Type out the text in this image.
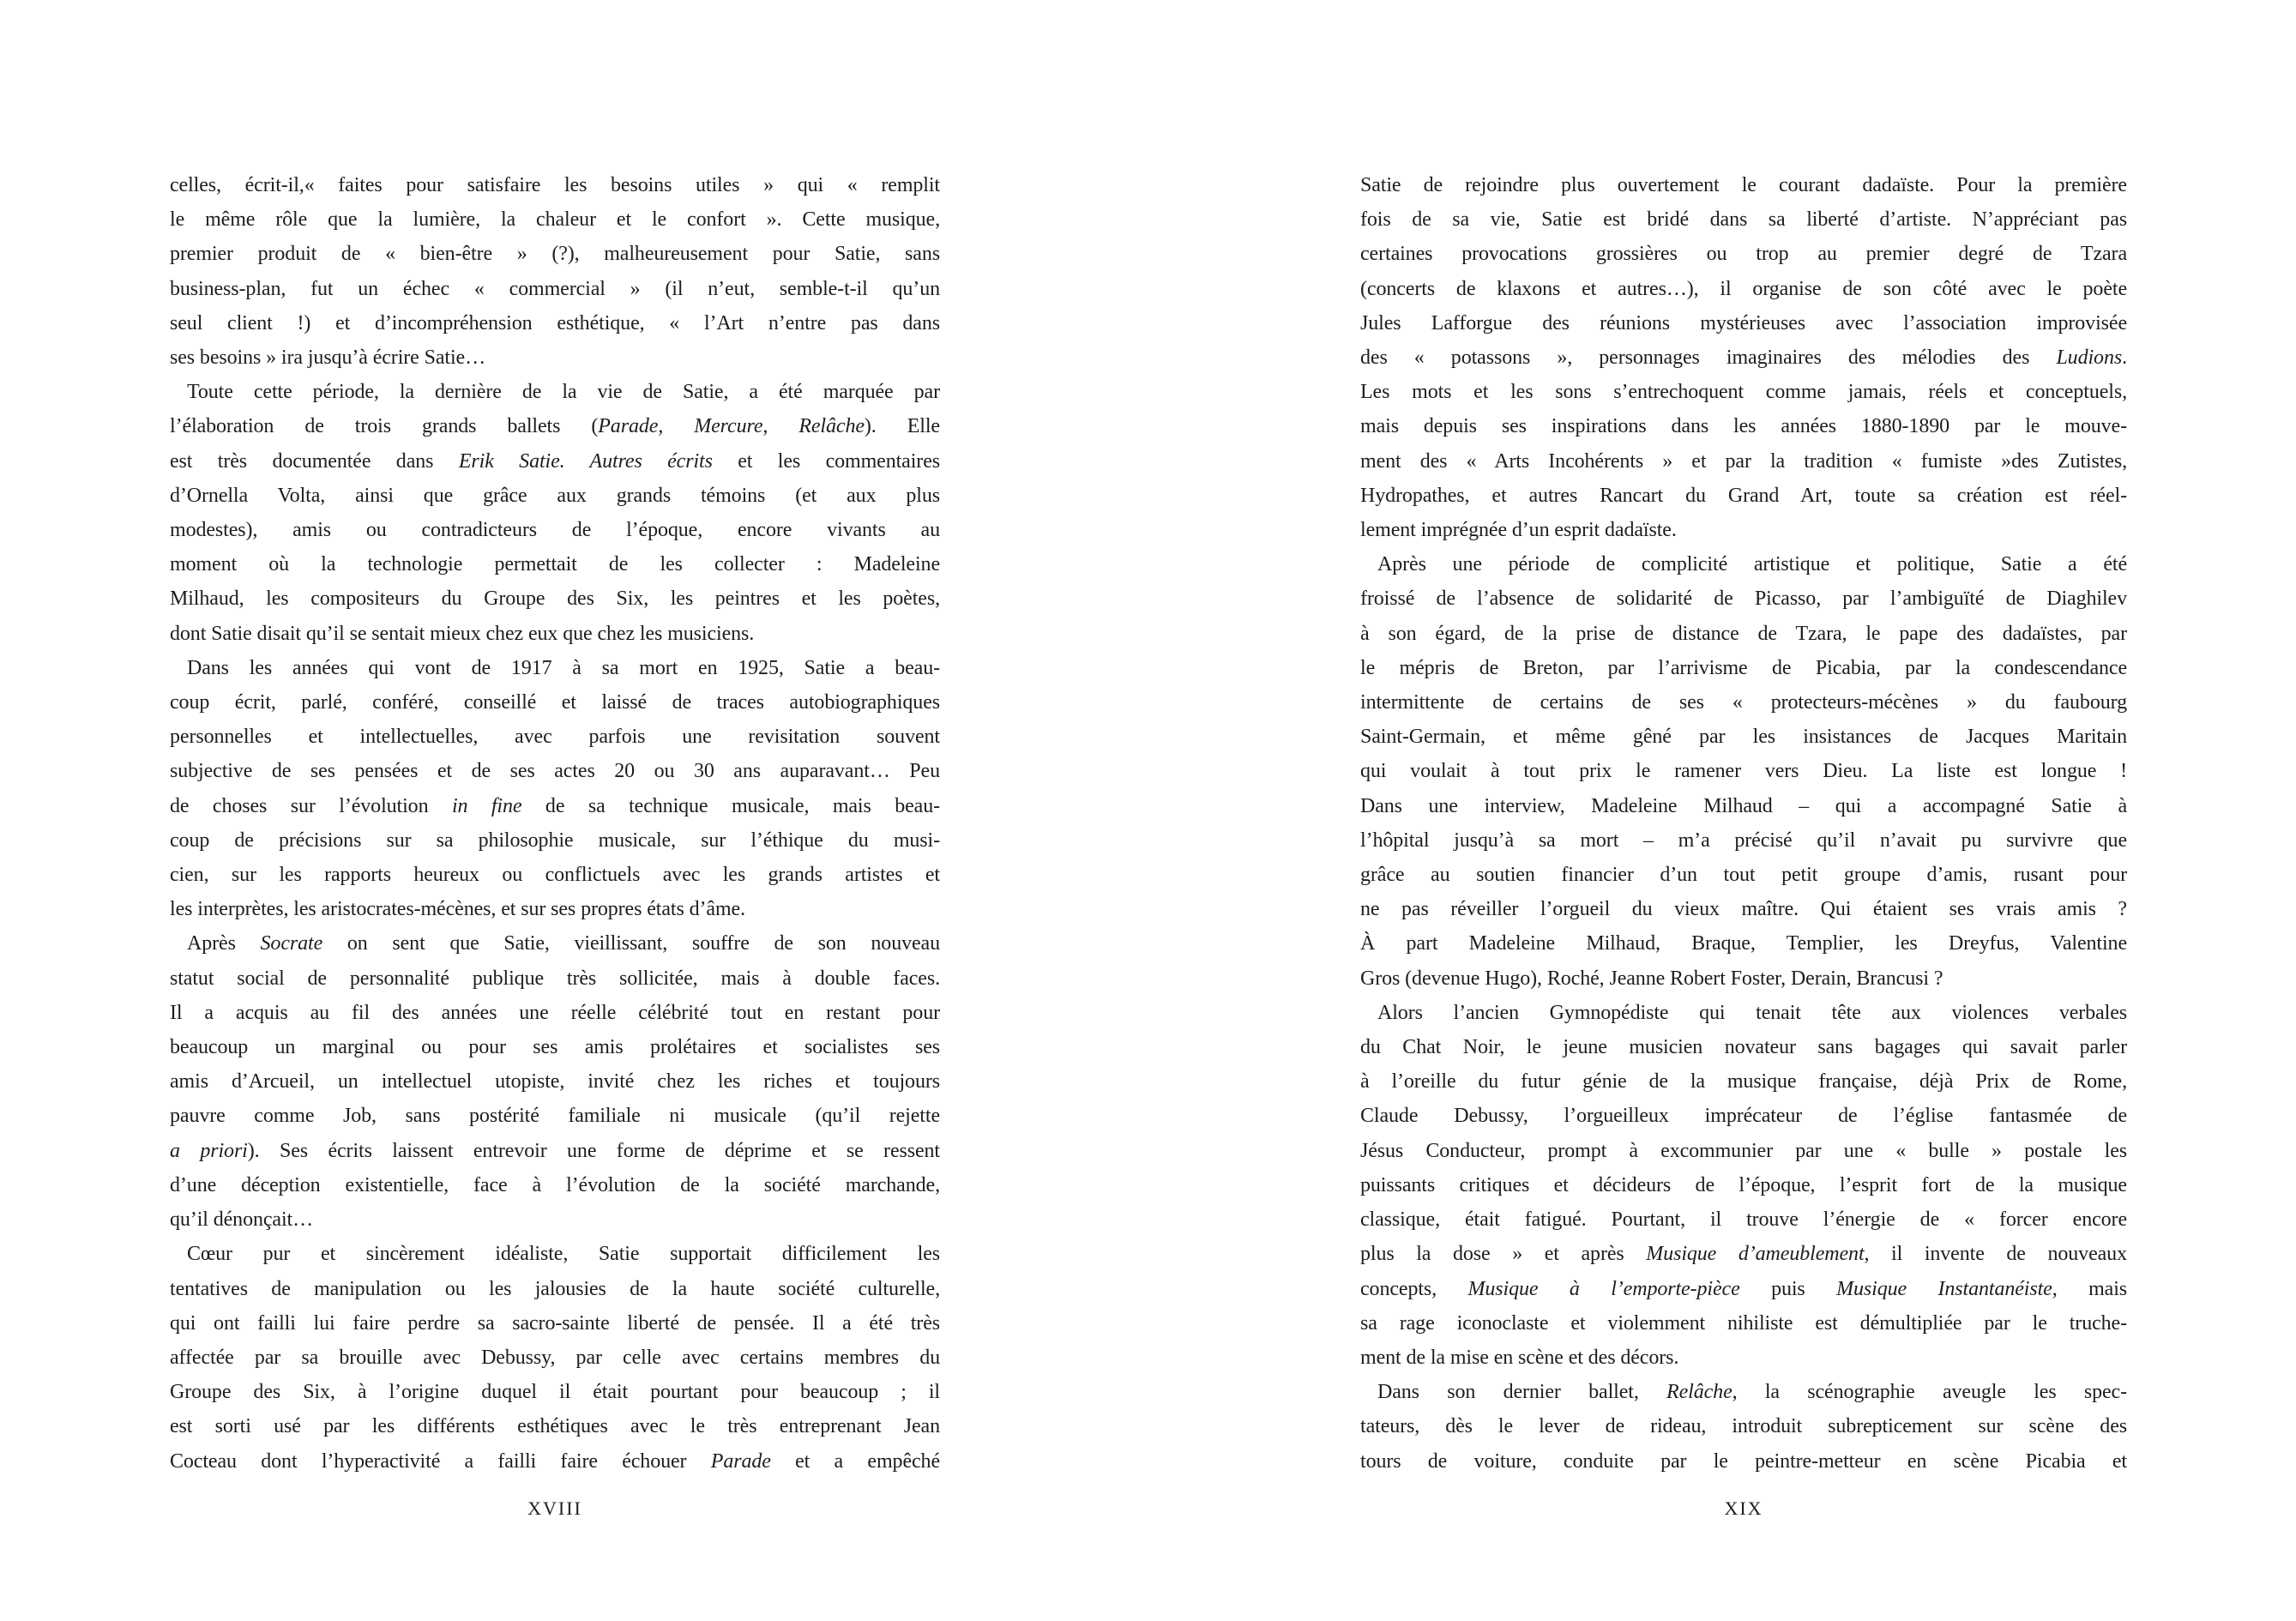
celles, écrit-il,« faites pour satisfaire les besoins utiles » qui « remplit
le même rôle que la lumière, la chaleur et le confort ». Cette musique,
premier produit de « bien-être » (?), malheureusement pour Satie, sans
business-plan, fut un échec « commercial » (il n’eut, semble-t-il qu’un
seul client !) et d’incompréhension esthétique, « l’Art n’entre pas dans
ses besoins » ira jusqu’à écrire Satie…
Toute cette période, la dernière de la vie de Satie, a été marquée par
l’élaboration de trois grands ballets (Parade, Mercure, Relâche). Elle
est très documentée dans Erik Satie. Autres écrits et les commentaires
d’Ornella Volta, ainsi que grâce aux grands témoins (et aux plus
modestes), amis ou contradicteurs de l’époque, encore vivants au
moment où la technologie permettait de les collecter : Madeleine
Milhaud, les compositeurs du Groupe des Six, les peintres et les poètes,
dont Satie disait qu’il se sentait mieux chez eux que chez les musiciens.
Dans les années qui vont de 1917 à sa mort en 1925, Satie a beau-
coup écrit, parlé, conféré, conseillé et laissé de traces autobiographiques
personnelles et intellectuelles, avec parfois une revisitation souvent
subjective de ses pensées et de ses actes 20 ou 30 ans auparavant… Peu
de choses sur l’évolution in fine de sa technique musicale, mais beau-
coup de précisions sur sa philosophie musicale, sur l’éthique du musi-
cien, sur les rapports heureux ou conflictuels avec les grands artistes et
les interprètes, les aristocrates-mécènes, et sur ses propres états d’âme.
Après Socrate on sent que Satie, vieillissant, souffre de son nouveau
statut social de personnalité publique très sollicitée, mais à double faces.
Il a acquis au fil des années une réelle célébrité tout en restant pour
beaucoup un marginal ou pour ses amis prolétaires et socialistes ses
amis d’Arcueil, un intellectuel utopiste, invité chez les riches et toujours
pauvre comme Job, sans postérité familiale ni musicale (qu’il rejette
a priori). Ses écrits laissent entrevoir une forme de déprime et se ressent
d’une déception existentielle, face à l’évolution de la société marchande,
qu’il dénonçait…
Cœur pur et sincèrement idéaliste, Satie supportait difficilement les
tentatives de manipulation ou les jalousies de la haute société culturelle,
qui ont failli lui faire perdre sa sacro-sainte liberté de pensée. Il a été très
affectée par sa brouille avec Debussy, par celle avec certains membres du
Groupe des Six, à l’origine duquel il était pourtant pour beaucoup ; il
est sorti usé par les différents esthétiques avec le très entreprenant Jean
Cocteau dont l’hyperactivité a failli faire échouer Parade et a empêché
XVIII
Satie de rejoindre plus ouvertement le courant dadaïste. Pour la première
fois de sa vie, Satie est bridé dans sa liberté d’artiste. N’appréciant pas
certaines provocations grossières ou trop au premier degré de Tzara
(concerts de klaxons et autres…), il organise de son côté avec le poète
Jules Lafforgue des réunions mystérieuses avec l’association improvisée
des « potassons », personnages imaginaires des mélodies des Ludions.
Les mots et les sons s’entrechoquent comme jamais, réels et conceptuels,
mais depuis ses inspirations dans les années 1880-1890 par le mouve-
ment des « Arts Incohérents » et par la tradition « fumiste »des Zutistes,
Hydropathes, et autres Rancart du Grand Art, toute sa création est réel-
lement imprégnée d’un esprit dadaïste.
Après une période de complicité artistique et politique, Satie a été
froissé de l’absence de solidarité de Picasso, par l’ambiguïté de Diaghilev
à son égard, de la prise de distance de Tzara, le pape des dadaïstes, par
le mépris de Breton, par l’arrivisme de Picabia, par la condescendance
intermittente de certains de ses « protecteurs-mécènes » du faubourg
Saint-Germain, et même gêné par les insistances de Jacques Maritain
qui voulait à tout prix le ramener vers Dieu. La liste est longue !
Dans une interview, Madeleine Milhaud – qui a accompagné Satie à
l’hôpital jusqu’à sa mort – m’a précisé qu’il n’avait pu survivre que
grâce au soutien financier d’un tout petit groupe d’amis, rusant pour
ne pas réveiller l’orgueil du vieux maître. Qui étaient ses vrais amis ?
À part Madeleine Milhaud, Braque, Templier, les Dreyfus, Valentine
Gros (devenue Hugo), Roché, Jeanne Robert Foster, Derain, Brancusi ?
Alors l’ancien Gymnopédiste qui tenait tête aux violences verbales
du Chat Noir, le jeune musicien novateur sans bagages qui savait parler
à l’oreille du futur génie de la musique française, déjà Prix de Rome,
Claude Debussy, l’orgueilleux imprécateur de l’église fantasmée de
Jésus Conducteur, prompt à excommunier par une « bulle » postale les
puissants critiques et décideurs de l’époque, l’esprit fort de la musique
classique, était fatigué. Pourtant, il trouve l’énergie de « forcer encore
plus la dose » et après Musique d’ameublement, il invente de nouveaux
concepts, Musique à l’emporte-pièce puis Musique Instantanéiste, mais
sa rage iconoclaste et violemment nihiliste est démultipliée par le truche-
ment de la mise en scène et des décors.
Dans son dernier ballet, Relâche, la scénographie aveugle les spec-
tateurs, dès le lever de rideau, introduit subrepticement sur scène des
tours de voiture, conduite par le peintre-metteur en scène Picabia et
XIX
